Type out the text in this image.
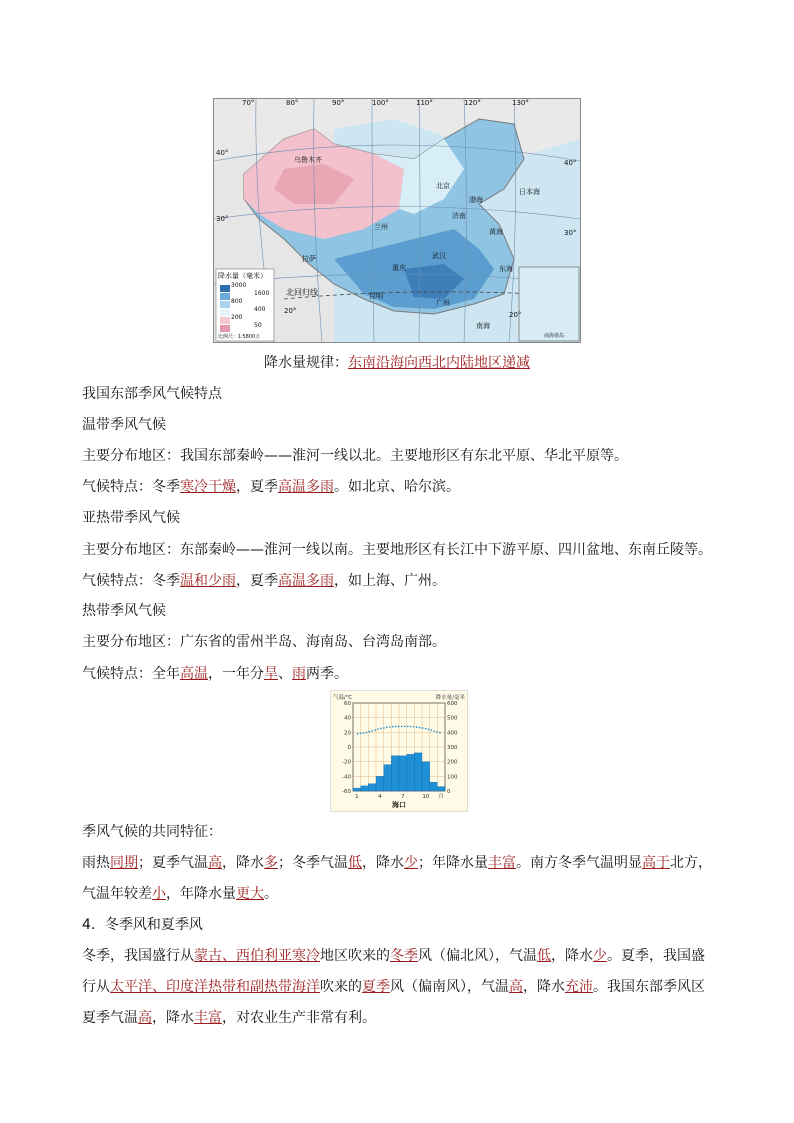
70°	80°	90°	100°	110°	120°	130°
40°
30°
20°
40°
30°
20°
乌鲁木齐
北京
兰州
济南
重庆
武汉
拉萨
昆明
广州
渤海
黄海
日本海
东海
南海
北回归线
降水量（毫米）
3000
1600
800
400
200
50
比例尺：1∶5800万	南海诸岛
降水量规律：东南沿海向西北内陆地区递减
我国东部季风气候特点
温带季风气候
主要分布地区：我国东部秦岭——淮河一线以北。主要地形区有东北平原、华北平原等。
气候特点：冬季寒冷干燥，夏季高温多雨。如北京、哈尔滨。
亚热带季风气候
主要分布地区：东部秦岭——淮河一线以南。主要地形区有长江中下游平原、四川盆地、东南丘陵等。
气候特点：冬季温和少雨，夏季高温多雨，如上海、广州。
热带季风气候
主要分布地区：广东省的雷州半岛、海南岛、台湾岛南部。
气候特点：全年高温，一年分旱、雨两季。
60
40
20
0
-20
-40
-60
600
500
400
300
200
100
0
1	4	7	10 月
气温/℃	降水量/毫米
海口
季风气候的共同特征：
雨热同期；夏季气温高，降水多；冬季气温低，降水少；年降水量丰富。南方冬季气温明显高于北方，
气温年较差小，年降水量更大。
4．冬季风和夏季风
冬季，我国盛行从蒙古、西伯利亚寒冷地区吹来的冬季风（偏北风），气温低，降水少。夏季，我国盛
行从太平洋、印度洋热带和副热带海洋吹来的夏季风（偏南风），气温高，降水充沛。我国东部季风区
夏季气温高，降水丰富，对农业生产非常有利。
